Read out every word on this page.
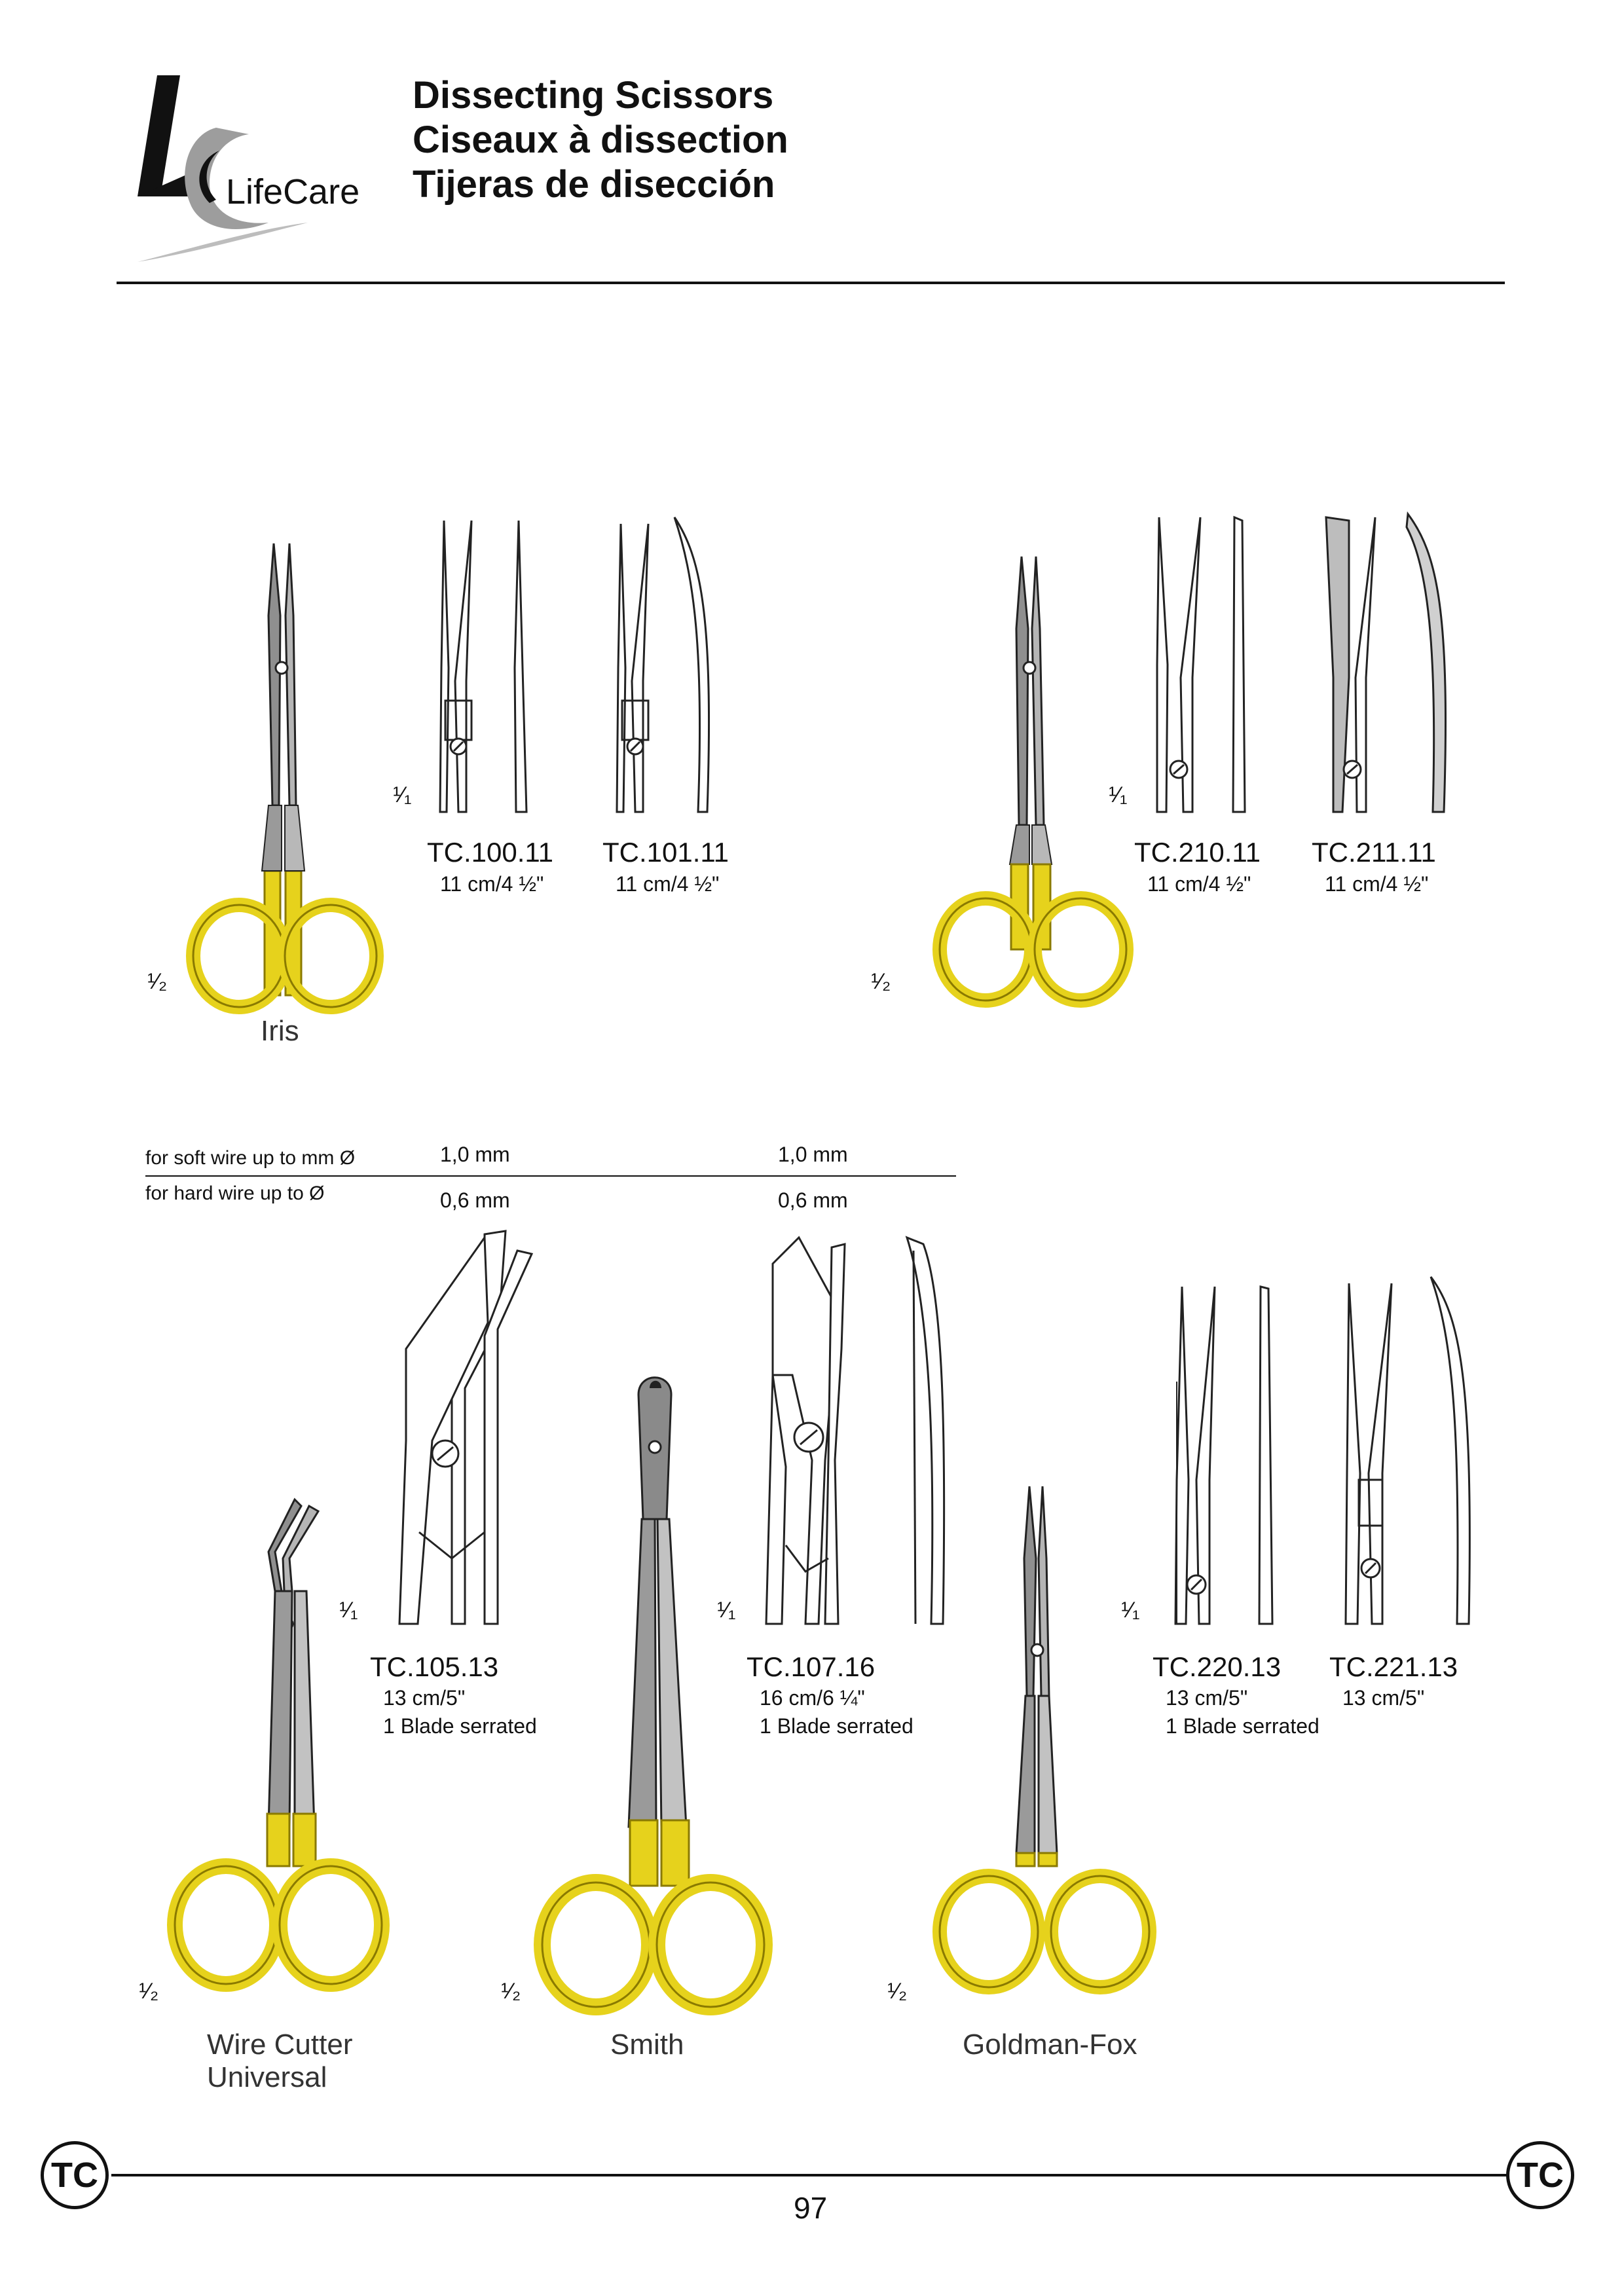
LifeCare
Dissecting Scissors
Ciseaux à dissection
Tijeras de disección
¹⁄₁
TC.100.11
11 cm/4 ½"
TC.101.11
11 cm/4 ½"
¹⁄₂
Iris
¹⁄₁
TC.210.11
11 cm/4 ½"
TC.211.11
11 cm/4 ½"
¹⁄₂
for soft wire up to mm Ø
for hard wire up to Ø
1,0 mm
0,6 mm
1,0 mm
0,6 mm
¹⁄₁
TC.105.13
13 cm/5"
1 Blade serrated
¹⁄₂
Wire Cutter
Universal
¹⁄₁
TC.107.16
16 cm/6 ¼"
1 Blade serrated
¹⁄₂
Smith
¹⁄₁
TC.220.13
13 cm/5"
1 Blade serrated
TC.221.13
13 cm/5"
¹⁄₂
Goldman-Fox
TC	TC
97
